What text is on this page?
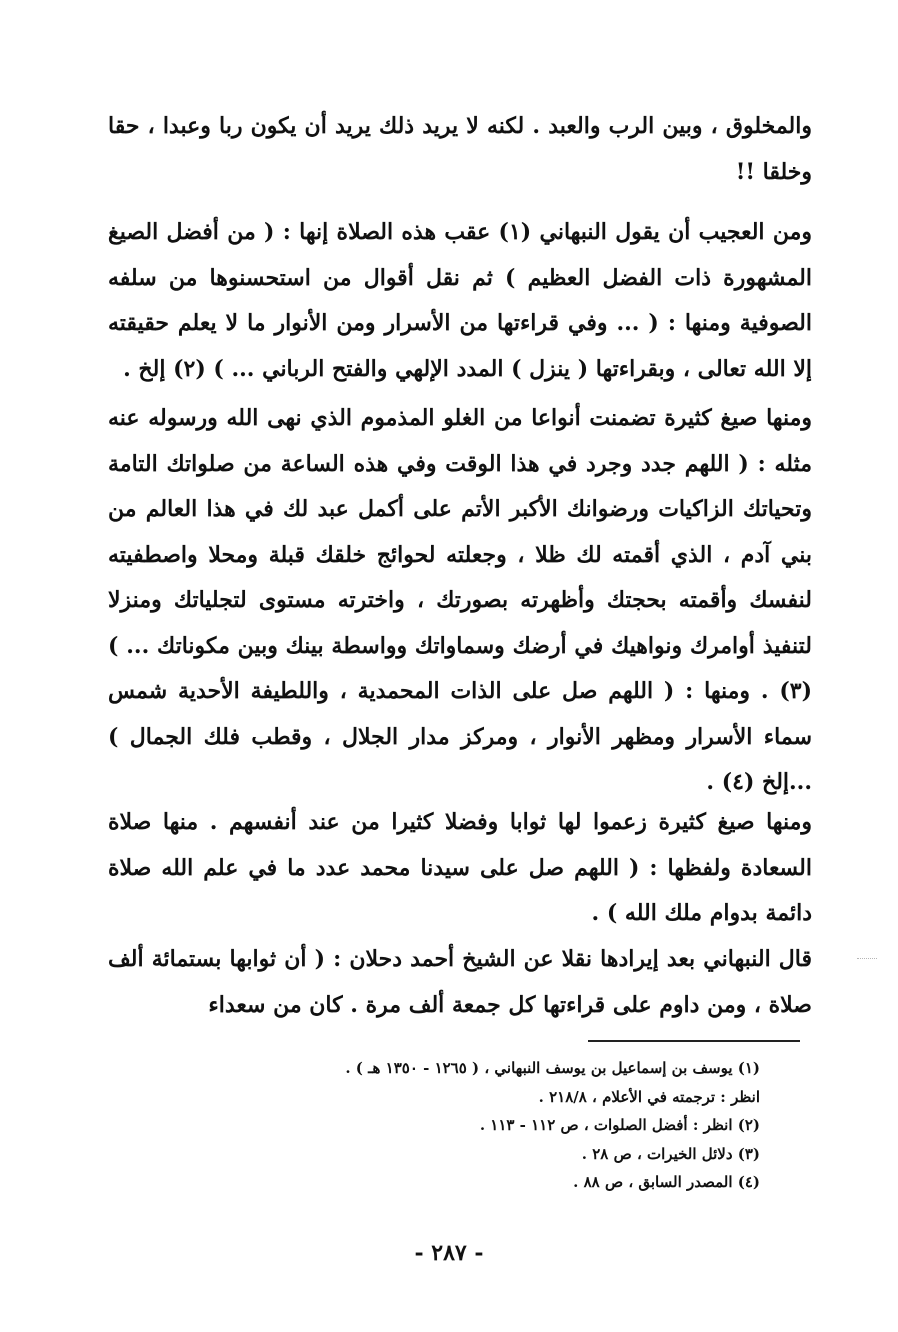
والمخلوق ، وبين الرب والعبد . لكنه لا يريد ذلك يريد أن يكون ربا وعبدا ، حقا وخلقا !!

ومن العجيب أن يقول النبهاني (١) عقب هذه الصلاة إنها : ( من أفضل الصيغ المشهورة ذات الفضل العظيم ) ثم نقل أقوال من استحسنوها من سلفه الصوفية ومنها : ( ... وفي قراءتها من الأسرار ومن الأنوار ما لا يعلم حقيقته إلا الله تعالى ، وبقراءتها ( ينزل ) المدد الإلهي والفتح الرباني ... ) (٢) إلخ .

ومنها صيغ كثيرة تضمنت أنواعا من الغلو المذموم الذي نهى الله ورسوله عنه مثله : ( اللهم جدد وجرد في هذا الوقت وفي هذه الساعة من صلواتك التامة وتحياتك الزاكيات ورضوانك الأكبر الأتم على أكمل عبد لك في هذا العالم من بني آدم ، الذي أقمته لك ظلا ، وجعلته لحوائج خلقك قبلة ومحلا واصطفيته لنفسك وأقمته بحجتك وأظهرته بصورتك ، واخترته مستوى لتجلياتك ومنزلا لتنفيذ أوامرك ونواهيك في أرضك وسماواتك وواسطة بينك وبين مكوناتك ... ) (٣) . ومنها : ( اللهم صل على الذات المحمدية ، واللطيفة الأحدية شمس سماء الأسرار ومظهر الأنوار ، ومركز مدار الجلال ، وقطب فلك الجمال ) ...إلخ (٤) .

ومنها صيغ كثيرة زعموا لها ثوابا وفضلا كثيرا من عند أنفسهم . منها صلاة السعادة ولفظها : ( اللهم صل على سيدنا محمد عدد ما في علم الله صلاة دائمة بدوام ملك الله ) .

قال النبهاني بعد إيرادها نقلا عن الشيخ أحمد دحلان : ( أن ثوابها بستمائة ألف صلاة ، ومن داوم على قراءتها كل جمعة ألف مرة . كان من سعداء

(١) يوسف بن إسماعيل بن يوسف النبهاني ، ( ١٢٦٥ - ١٣٥٠ هـ ) .
انظر : ترجمته في الأعلام ، ٢١٨/٨ .
(٢) انظر : أفضل الصلوات ، ص ١١٢ - ١١٣ .
(٣) دلائل الخيرات ، ص ٢٨ .
(٤) المصدر السابق ، ص ٨٨ .
- ٢٨٧ -
